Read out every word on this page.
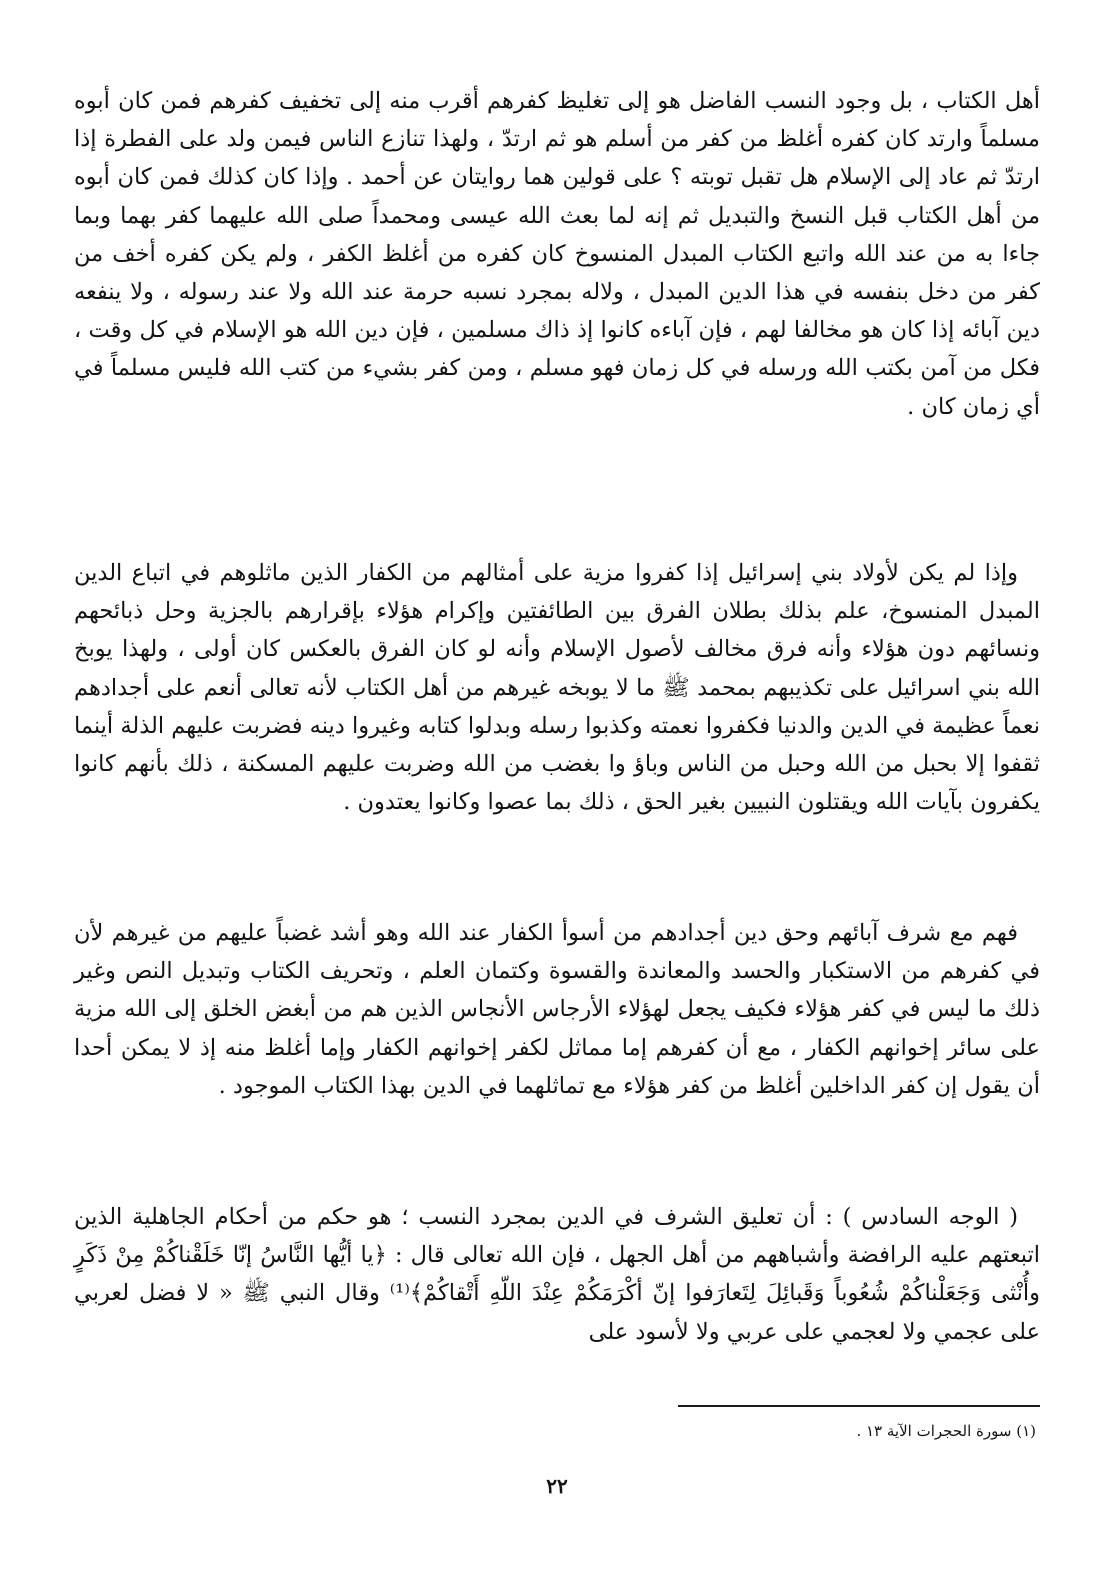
أهل الكتاب ، بل وجود النسب الفاضل هو إلى تغليظ كفرهم أقرب منه إلى تخفيف كفرهم فمن كان أبوه مسلماً وارتد كان كفره أغلظ من كفر من أسلم هو ثم ارتدّ ، ولهذا تنازع الناس فيمن ولد على الفطرة إذا ارتدّ ثم عاد إلى الإسلام هل تقبل توبته ؟ على قولين هما روايتان عن أحمد . وإذا كان كذلك فمن كان أبوه من أهل الكتاب قبل النسخ والتبديل ثم إنه لما بعث الله عيسى ومحمداً صلى الله عليهما كفر بهما وبما جاءا به من عند الله واتبع الكتاب المبدل المنسوخ كان كفره من أغلظ الكفر ، ولم يكن كفره أخف من كفر من دخل بنفسه في هذا الدين المبدل ، ولاله بمجرد نسبه حرمة عند الله ولا عند رسوله ، ولا ينفعه دين آبائه إذا كان هو مخالفا لهم ، فإن آباءه كانوا إذ ذاك مسلمين ، فإن دين الله هو الإسلام في كل وقت ، فكل من آمن بكتب الله ورسله في كل زمان فهو مسلم ، ومن كفر بشيء من كتب الله فليس مسلماً في أي زمان كان .

وإذا لم يكن لأولاد بني إسرائيل إذا كفروا مزية على أمثالهم من الكفار الذين ماثلوهم في اتباع الدين المبدل المنسوخ، علم بذلك بطلان الفرق بين الطائفتين وإكرام هؤلاء بإقرارهم بالجزية وحل ذبائحهم ونسائهم دون هؤلاء وأنه فرق مخالف لأصول الإسلام وأنه لو كان الفرق بالعكس كان أولى ، ولهذا يوبخ الله بني اسرائيل على تكذيبهم بمحمد ﷺ ما لا يوبخه غيرهم من أهل الكتاب لأنه تعالى أنعم على أجدادهم نعماً عظيمة في الدين والدنيا فكفروا نعمته وكذبوا رسله وبدلوا كتابه وغيروا دينه فضربت عليهم الذلة أينما ثقفوا إلا بحبل من الله وحبل من الناس وباؤ وا بغضب من الله وضربت عليهم المسكنة ، ذلك بأنهم كانوا يكفرون بآيات الله ويقتلون النبيين بغير الحق ، ذلك بما عصوا وكانوا يعتدون .

فهم مع شرف آبائهم وحق دين أجدادهم من أسوأ الكفار عند الله وهو أشد غضباً عليهم من غيرهم لأن في كفرهم من الاستكبار والحسد والمعاندة والقسوة وكتمان العلم ، وتحريف الكتاب وتبديل النص وغير ذلك ما ليس في كفر هؤلاء فكيف يجعل لهؤلاء الأرجاس الأنجاس الذين هم من أبغض الخلق إلى الله مزية على سائر إخوانهم الكفار ، مع أن كفرهم إما مماثل لكفر إخوانهم الكفار وإما أغلظ منه إذ لا يمكن أحدا أن يقول إن كفر الداخلين أغلظ من كفر هؤلاء مع تماثلهما في الدين بهذا الكتاب الموجود .

( الوجه السادس ) : أن تعليق الشرف في الدين بمجرد النسب ؛ هو حكم من أحكام الجاهلية الذين اتبعتهم عليه الرافضة وأشباههم من أهل الجهل ، فإن الله تعالى قال : ﴿يا أيُّها النَّاسُ إنّا خَلَقْناكُمْ مِنْ ذَكَرٍ وأُنْثى وَجَعَلْناكُمْ شُعُوباً وَقَبائِلَ لِتَعارَفوا إنّ أكْرَمَكُمْ عِنْدَ اللّهِ أَتْقاكُمْ﴾⁽¹⁾ وقال النبي ﷺ « لا فضل لعربي على عجمي ولا لعجمي على عربي ولا لأسود على

(١) سورة الحجرات الآية ١٣ .
٢٢
